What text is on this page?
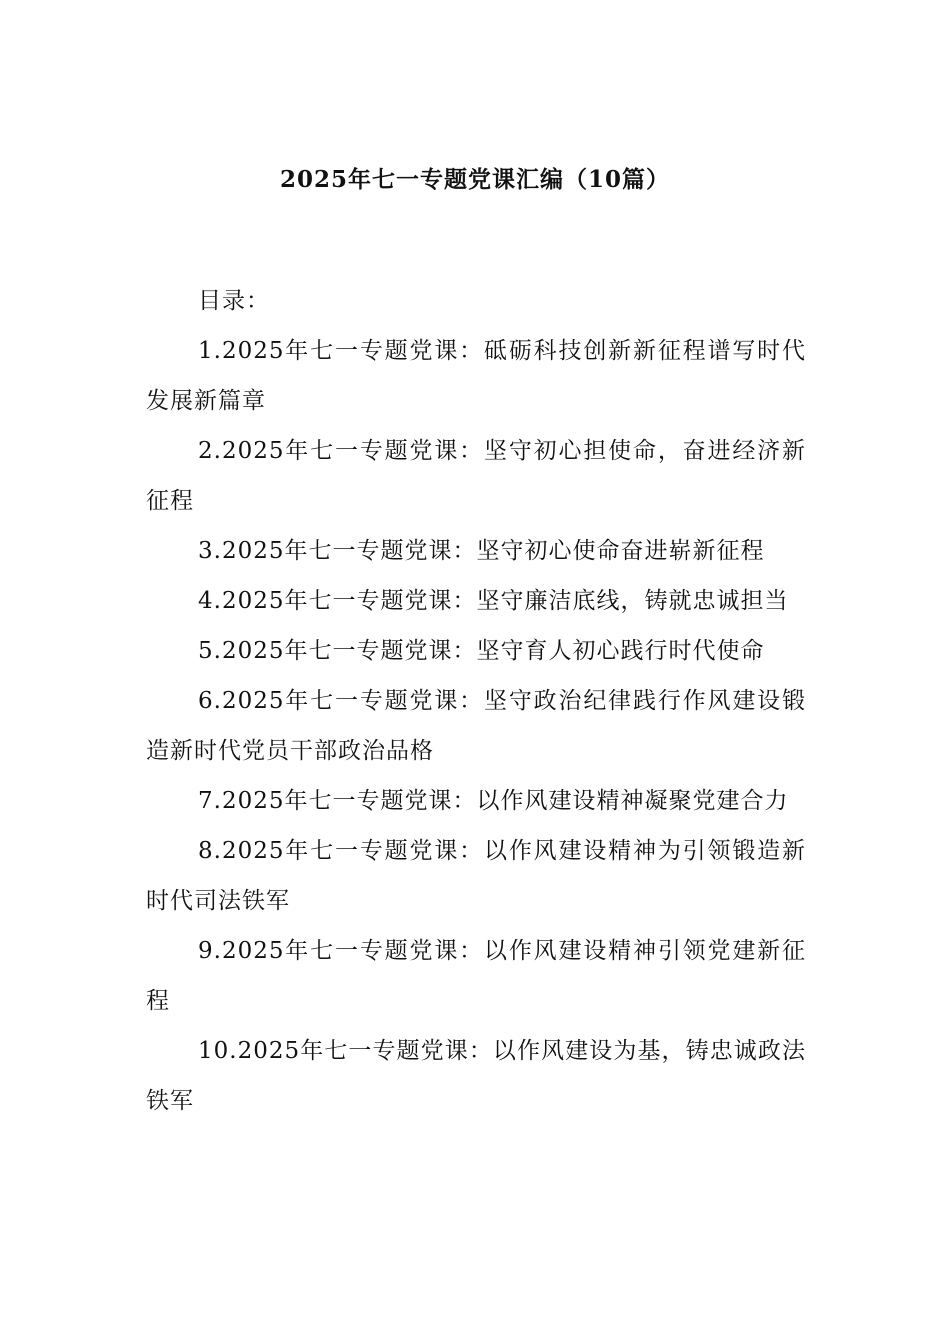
2025年七一专题党课汇编（10篇）

目录：

1.2025年七一专题党课：砥砺科技创新新征程谱写时代发展新篇章

2.2025年七一专题党课：坚守初心担使命，奋进经济新征程

3.2025年七一专题党课：坚守初心使命奋进崭新征程

4.2025年七一专题党课：坚守廉洁底线，铸就忠诚担当

5.2025年七一专题党课：坚守育人初心践行时代使命

6.2025年七一专题党课：坚守政治纪律践行作风建设锻造新时代党员干部政治品格

7.2025年七一专题党课：以作风建设精神凝聚党建合力

8.2025年七一专题党课：以作风建设精神为引领锻造新时代司法铁军

9.2025年七一专题党课：以作风建设精神引领党建新征程

10.2025年七一专题党课：以作风建设为基，铸忠诚政法铁军
